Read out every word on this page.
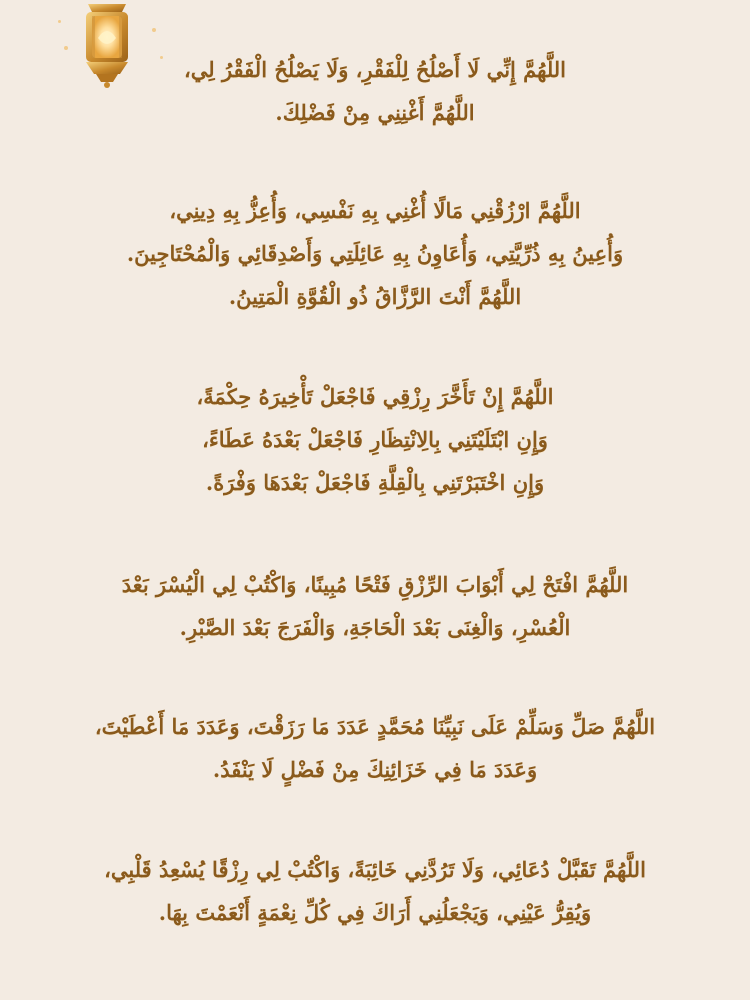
اللَّهُمَّ إِنِّي لَا أَصْلُحُ لِلْفَقْرِ، وَلَا يَصْلُحُ الْفَقْرُ لِي،
اللَّهُمَّ أَغْنِنِي مِنْ فَضْلِكَ.
اللَّهُمَّ ارْزُقْنِي مَالًا أُغْنِي بِهِ نَفْسِي، وَأُعِزُّ بِهِ دِينِي،
وَأُعِينُ بِهِ ذُرِّيَّتِي، وَأُعَاوِنُ بِهِ عَائِلَتِي وَأَصْدِقَائِي وَالْمُحْتَاجِينَ.
اللَّهُمَّ أَنْتَ الرَّزَّاقُ ذُو الْقُوَّةِ الْمَتِينُ.
اللَّهُمَّ إِنْ تَأَخَّرَ رِزْقِي فَاجْعَلْ تَأْخِيرَهُ حِكْمَةً،
وَإِنِ ابْتَلَيْتَنِي بِالِانْتِظَارِ فَاجْعَلْ بَعْدَهُ عَطَاءً،
وَإِنِ اخْتَبَرْتَنِي بِالْقِلَّةِ فَاجْعَلْ بَعْدَهَا وَفْرَةً.
اللَّهُمَّ افْتَحْ لِي أَبْوَابَ الرِّزْقِ فَتْحًا مُبِينًا، وَاكْتُبْ لِي الْيُسْرَ بَعْدَ
الْعُسْرِ، وَالْغِنَى بَعْدَ الْحَاجَةِ، وَالْفَرَجَ بَعْدَ الصَّبْرِ.
اللَّهُمَّ صَلِّ وَسَلِّمْ عَلَى نَبِيِّنَا مُحَمَّدٍ عَدَدَ مَا رَزَقْتَ، وَعَدَدَ مَا أَعْطَيْتَ،
وَعَدَدَ مَا فِي خَزَائِنِكَ مِنْ فَضْلٍ لَا يَنْفَدُ.
اللَّهُمَّ تَقَبَّلْ دُعَائِي، وَلَا تَرُدَّنِي خَائِبَةً، وَاكْتُبْ لِي رِزْقًا يُسْعِدُ قَلْبِي،
وَيُقِرُّ عَيْنِي، وَيَجْعَلُنِي أَرَاكَ فِي كُلِّ نِعْمَةٍ أَنْعَمْتَ بِهَا.
